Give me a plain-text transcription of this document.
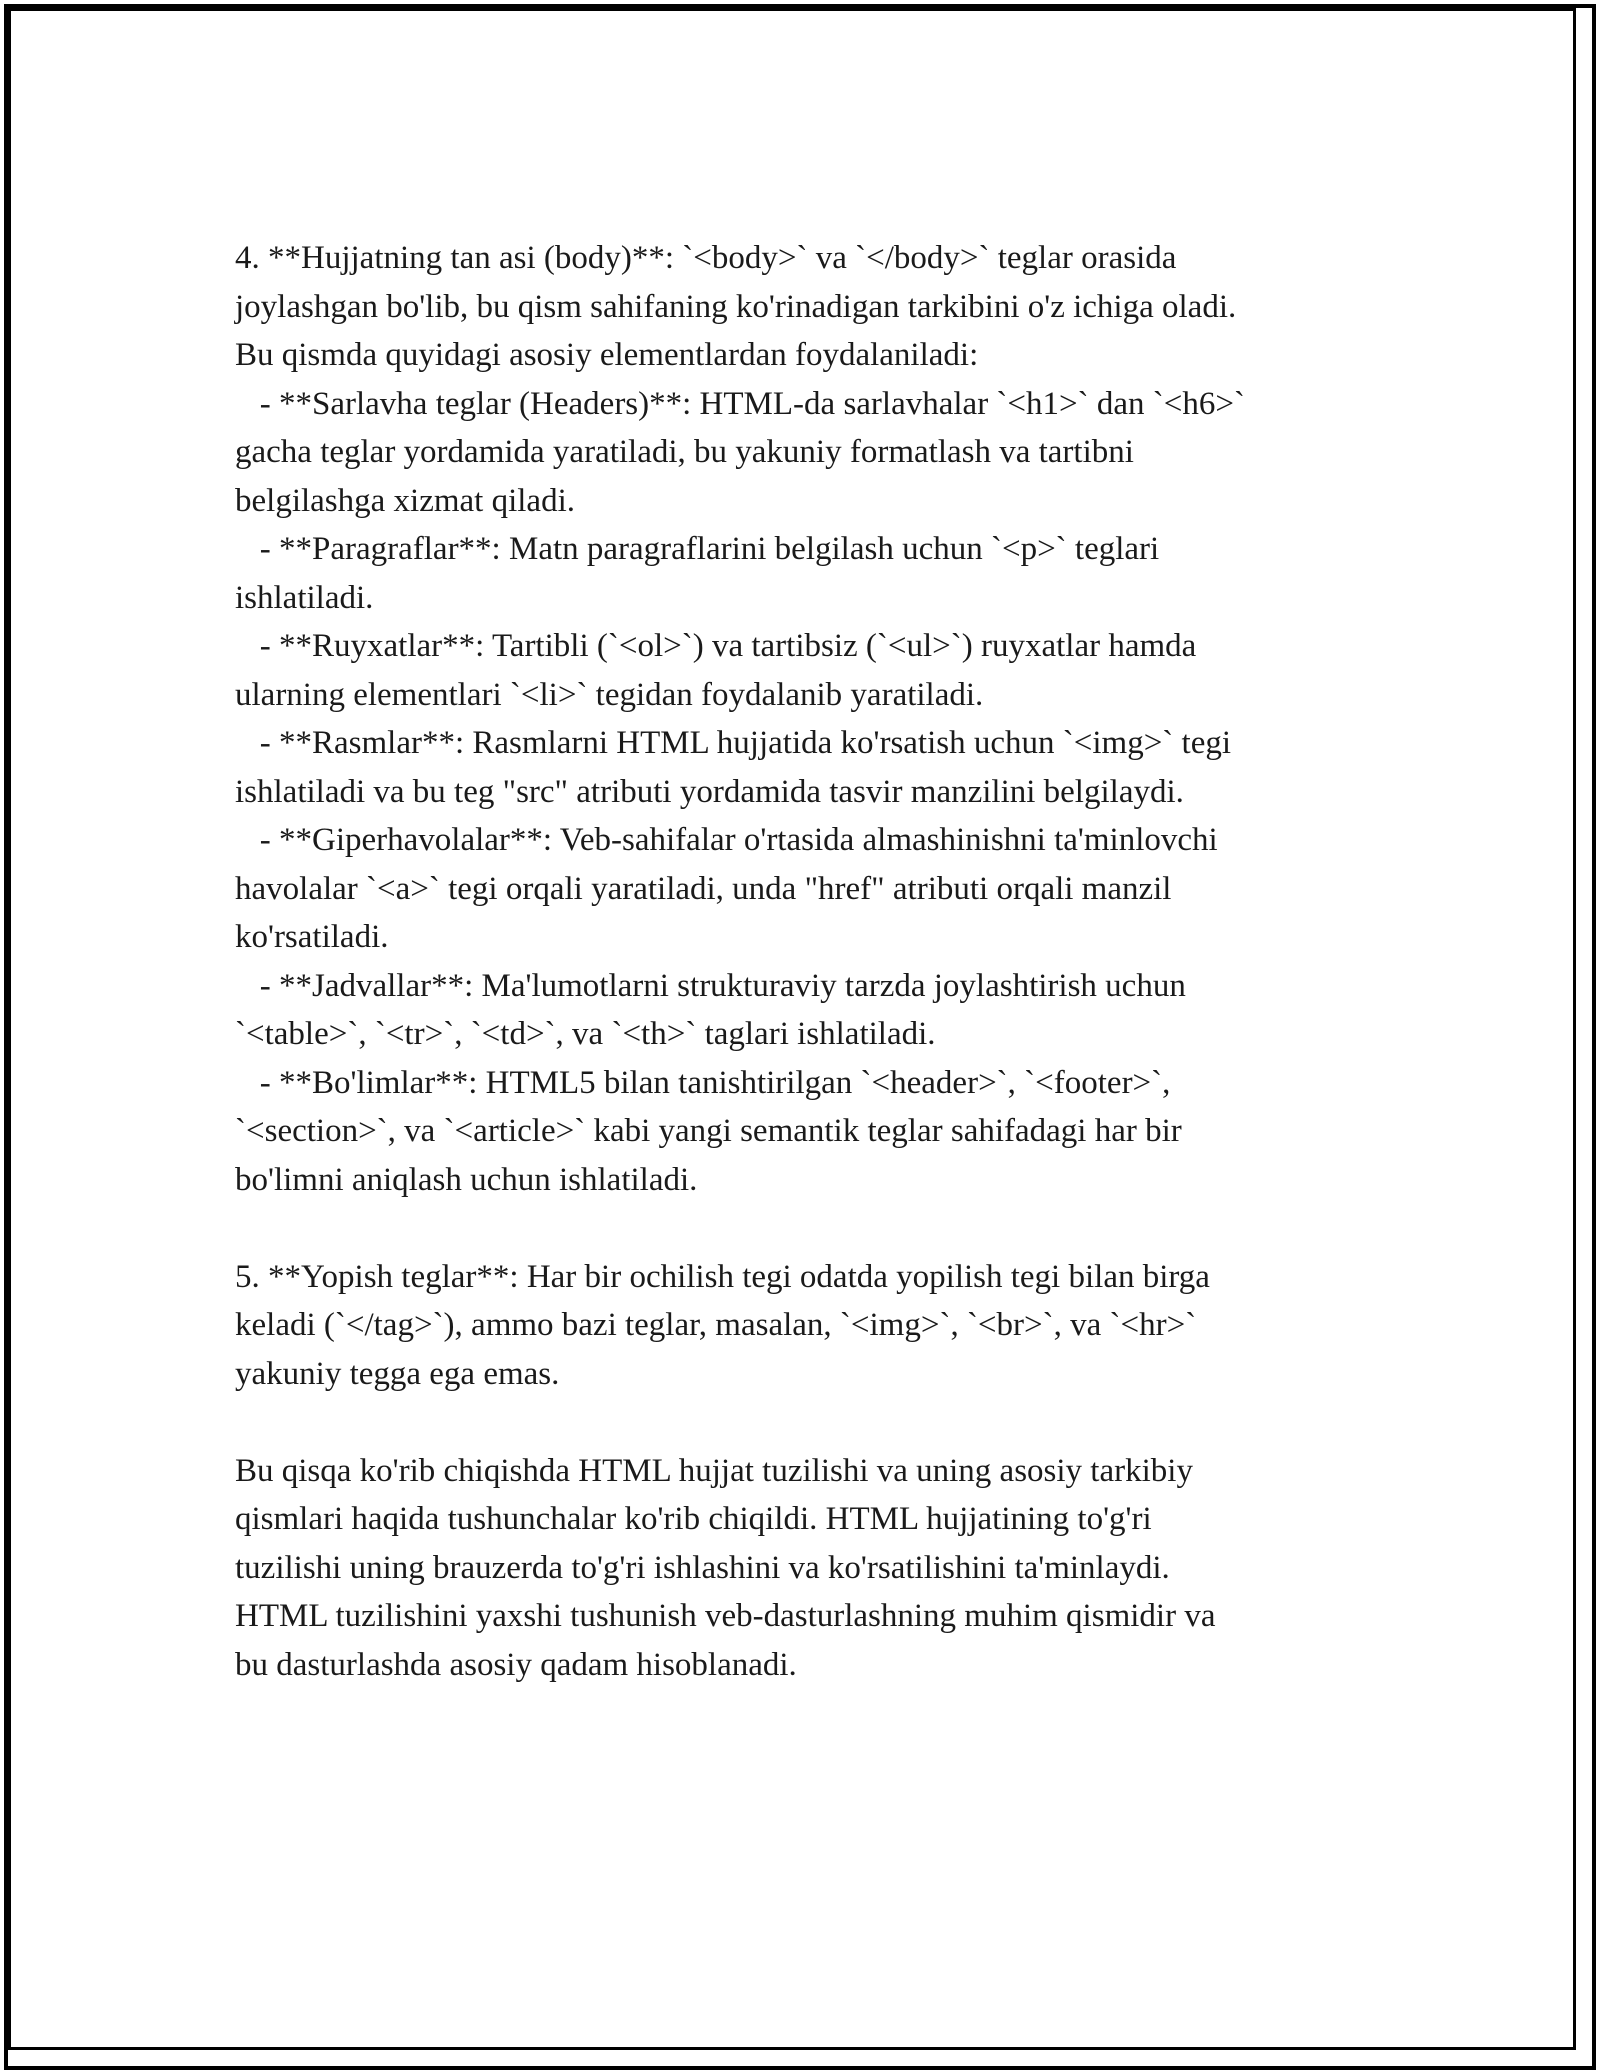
4. **Hujjatning tan asi (body)**: `<body>` va `</body>` teglar orasida
joylashgan bo'lib, bu qism sahifaning ko'rinadigan tarkibini o'z ichiga oladi.
Bu qismda quyidagi asosiy elementlardan foydalaniladi:
- **Sarlavha teglar (Headers)**: HTML-da sarlavhalar `<h1>` dan `<h6>`
gacha teglar yordamida yaratiladi, bu yakuniy formatlash va tartibni
belgilashga xizmat qiladi.
- **Paragraflar**: Matn paragraflarini belgilash uchun `<p>` teglari
ishlatiladi.
- **Ruyxatlar**: Tartibli (`<ol>`) va tartibsiz (`<ul>`) ruyxatlar hamda
ularning elementlari `<li>` tegidan foydalanib yaratiladi.
- **Rasmlar**: Rasmlarni HTML hujjatida ko'rsatish uchun `<img>` tegi
ishlatiladi va bu teg "src" atributi yordamida tasvir manzilini belgilaydi.
- **Giperhavolalar**: Veb-sahifalar o'rtasida almashinishni ta'minlovchi
havolalar `<a>` tegi orqali yaratiladi, unda "href" atributi orqali manzil
ko'rsatiladi.
- **Jadvallar**: Ma'lumotlarni strukturaviy tarzda joylashtirish uchun
`<table>`, `<tr>`, `<td>`, va `<th>` taglari ishlatiladi.
- **Bo'limlar**: HTML5 bilan tanishtirilgan `<header>`, `<footer>`,
`<section>`, va `<article>` kabi yangi semantik teglar sahifadagi har bir
bo'limni aniqlash uchun ishlatiladi.
5. **Yopish teglar**: Har bir ochilish tegi odatda yopilish tegi bilan birga
keladi (`</tag>`), ammo bazi teglar, masalan, `<img>`, `<br>`, va `<hr>`
yakuniy tegga ega emas.
Bu qisqa ko'rib chiqishda HTML hujjat tuzilishi va uning asosiy tarkibiy
qismlari haqida tushunchalar ko'rib chiqildi. HTML hujjatining to'g'ri
tuzilishi uning brauzerda to'g'ri ishlashini va ko'rsatilishini ta'minlaydi.
HTML tuzilishini yaxshi tushunish veb-dasturlashning muhim qismidir va
bu dasturlashda asosiy qadam hisoblanadi.
